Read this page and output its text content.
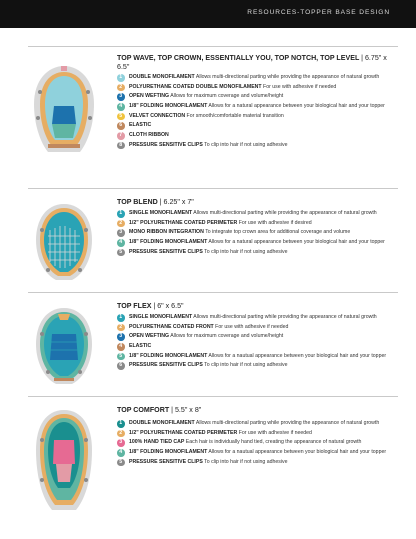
RESOURCES-TOPPER BASE DESIGN
TOP WAVE, TOP CROWN, ESSENTIALLY YOU, TOP NOTCH, TOP LEVEL | 6.75" x 6.5"
1	DOUBLE MONOFILAMENT Allows multi-directional parting while providing the appearance of natural growth
2	POLYURETHANE COATED DOUBLE MONOFILAMENT For use with adhesive if needed
3	OPEN WEFTING Allows for maximum coverage and volume/height
4	1/8" FOLDING MONOFILAMENT Allows for a natural appearance between your biological hair and your topper
5	VELVET CONNECTION For smooth/comfortable material transition
6	ELASTIC
7	CLOTH RIBBON
8	PRESSURE SENSITIVE CLIPS To clip into hair if not using adhesive
TOP BLEND | 6.25" x 7"
1	SINGLE MONOFILAMENT Allows multi-directional parting while providing the appearance of natural growth
2	1/2" POLYURETHANE COATED PERIMETER For use with adhesive if desired
3	MONO RIBBON INTEGRATION To integrate top crown area for additional coverage and volume
4	1/8" FOLDING MONOFILAMENT Allows for a natural appearance between your biological hair and your topper
5	PRESSURE SENSITIVE CLIPS To clip into hair if not using adhesive
TOP FLEX | 6" x 6.5"
1	SINGLE MONOFILAMENT Allows multi-directional parting while providing the appearance of natural growth
2	POLYURETHANE COATED FRONT For use with adhesive if needed
3	OPEN WEFTING Allows for maximum coverage and volume/height
4	ELASTIC
5	1/8" FOLDING MONOFILAMENT Allows for a nautual appearance between your biological hair and your topper
6	PRESSURE SENSITIVE CLIPS To clip into hair if not using adhesive
TOP COMFORT | 5.5" x 8"
1	DOUBLE MONOFILAMENT Allows multi-directional parting while providing the appearance of natural growth
2	1/2" POLYURETHANE COATED PERIMETER For use with adhesive if needed
3	100% HAND TIED CAP Each hair is individually hand tied, creating the appearance of natural growth
4	1/8" FOLDING MONOFILAMENT Allows for a nautual appearance between your biological hair and your topper
5	PRESSURE SENSITIVE CLIPS To clip into hair if not using adhesive
